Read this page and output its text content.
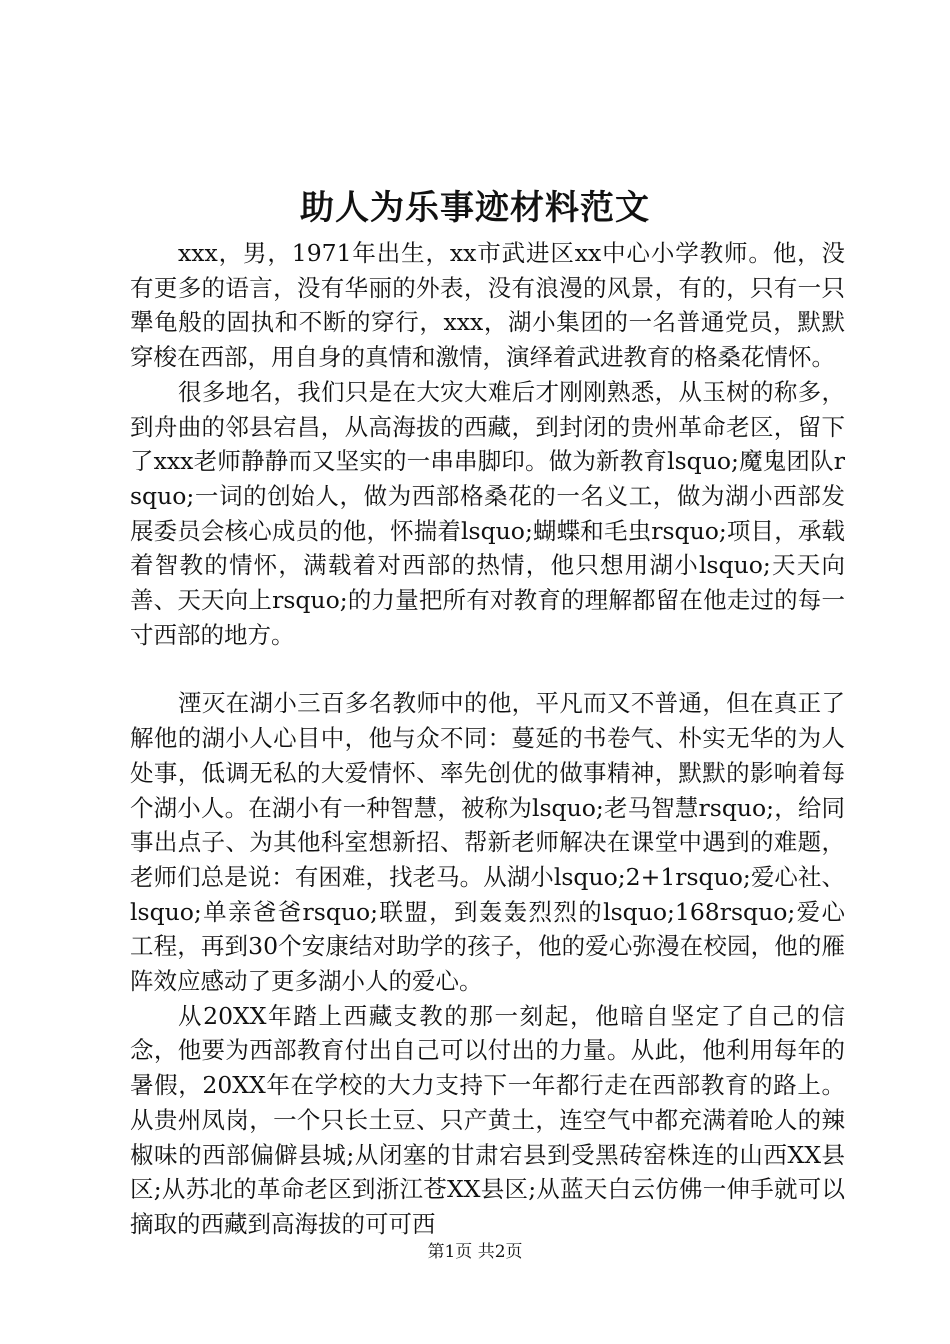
助人为乐事迹材料范文

xxx，男，1971年出生，xx市武进区xx中心小学教师。他，没有更多的语言，没有华丽的外表，没有浪漫的风景，有的，只有一只犟龟般的固执和不断的穿行，xxx，湖小集团的一名普通党员，默默穿梭在西部，用自身的真情和激情，演绎着武进教育的格桑花情怀。

很多地名，我们只是在大灾大难后才刚刚熟悉，从玉树的称多，到舟曲的邻县宕昌，从高海拔的西藏，到封闭的贵州革命老区，留下了xxx老师静静而又坚实的一串串脚印。做为新教育lsquo;魔鬼团队rsquo;一词的创始人，做为西部格桑花的一名义工，做为湖小西部发展委员会核心成员的他，怀揣着lsquo;蝴蝶和毛虫rsquo;项目，承载着智教的情怀，满载着对西部的热情，他只想用湖小lsquo;天天向善、天天向上rsquo;的力量把所有对教育的理解都留在他走过的每一寸西部的地方。

湮灭在湖小三百多名教师中的他，平凡而又不普通，但在真正了解他的湖小人心目中，他与众不同：蔓延的书卷气、朴实无华的为人处事，低调无私的大爱情怀、率先创优的做事精神，默默的影响着每个湖小人。在湖小有一种智慧，被称为lsquo;老马智慧rsquo;，给同事出点子、为其他科室想新招、帮新老师解决在课堂中遇到的难题，老师们总是说：有困难，找老马。从湖小lsquo;2+1rsquo;爱心社、lsquo;单亲爸爸rsquo;联盟，到轰轰烈烈的lsquo;168rsquo;爱心工程，再到30个安康结对助学的孩子，他的爱心弥漫在校园，他的雁阵效应感动了更多湖小人的爱心。

从20XX年踏上西藏支教的那一刻起，他暗自坚定了自己的信念，他要为西部教育付出自己可以付出的力量。从此，他利用每年的暑假，20XX年在学校的大力支持下一年都行走在西部教育的路上。从贵州凤岗，一个只长土豆、只产黄土，连空气中都充满着呛人的辣椒味的西部偏僻县城;从闭塞的甘肃宕县到受黑砖窑株连的山西XX县区;从苏北的革命老区到浙江苍XX县区;从蓝天白云仿佛一伸手就可以摘取的西藏到高海拔的可可西

第1页 共2页
